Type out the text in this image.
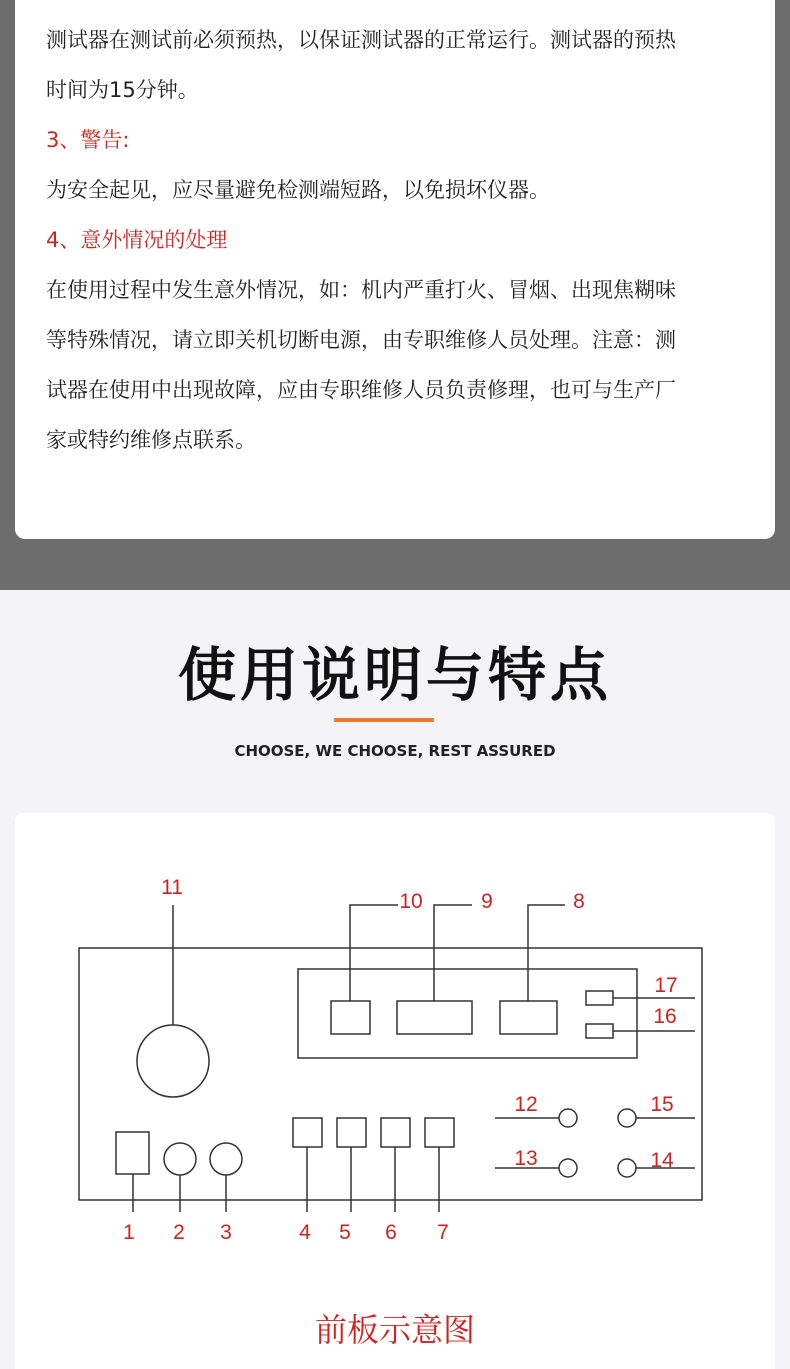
测试器在测试前必须预热，以保证测试器的正常运行。测试器的预热

时间为15分钟。

3、警告:

为安全起见，应尽量避免检测端短路，以免损坏仪器。

4、意外情况的处理

在使用过程中发生意外情况，如：机内严重打火、冒烟、出现焦糊味

等特殊情况，请立即关机切断电源，由专职维修人员处理。注意：测

试器在使用中出现故障，应由专职维修人员负责修理，也可与生产厂

家或特约维修点联系。

使用说明与特点
CHOOSE, WE CHOOSE, REST ASSURED
11
10	9	8
17
16
12
13
15
14
1 2 3	4 5 6 7
前板示意图
